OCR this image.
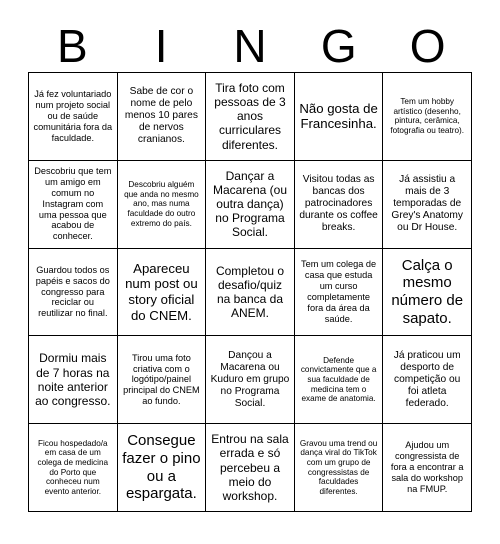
B	I	N	G	O
Já fez voluntariado num projeto social ou de saúde comunitária fora da faculdade.
Sabe de cor o nome de pelo menos 10 pares de nervos cranianos.
Tira foto com pessoas de 3 anos curriculares diferentes.
Não gosta de Francesinha.
Tem um hobby artístico (desenho, pintura, cerâmica, fotografia ou teatro).
Descobriu que tem um amigo em comum no Instagram com uma pessoa que acabou de conhecer.
Descobriu alguém que anda no mesmo ano, mas numa faculdade do outro extremo do país.
Dançar a Macarena (ou outra dança) no Programa Social.
Visitou todas as bancas dos patrocinadores durante os coffee breaks.
Já assistiu a mais de 3 temporadas de Grey's Anatomy ou Dr House.
Guardou todos os papéis e sacos do congresso para reciclar ou reutilizar no final.
Apareceu num post ou story oficial do CNEM.
Completou o desafio/quiz na banca da ANEM.
Tem um colega de casa que estuda um curso completamente fora da área da saúde.
Calça o mesmo número de sapato.
Dormiu mais de 7 horas na noite anterior ao congresso.
Tirou uma foto criativa com o logótipo/painel principal do CNEM ao fundo.
Dançou a Macarena ou Kuduro em grupo no Programa Social.
Defende convictamente que a sua faculdade de medicina tem o exame de anatomia.
Já praticou um desporto de competição ou foi atleta federado.
Ficou hospedado/a em casa de um colega de medicina do Porto que conheceu num evento anterior.
Consegue fazer o pino ou a espargata.
Entrou na sala errada e só percebeu a meio do workshop.
Gravou uma trend ou dança viral do TikTok com um grupo de congressistas de faculdades diferentes.
Ajudou um congressista de fora a encontrar a sala do workshop na FMUP.
